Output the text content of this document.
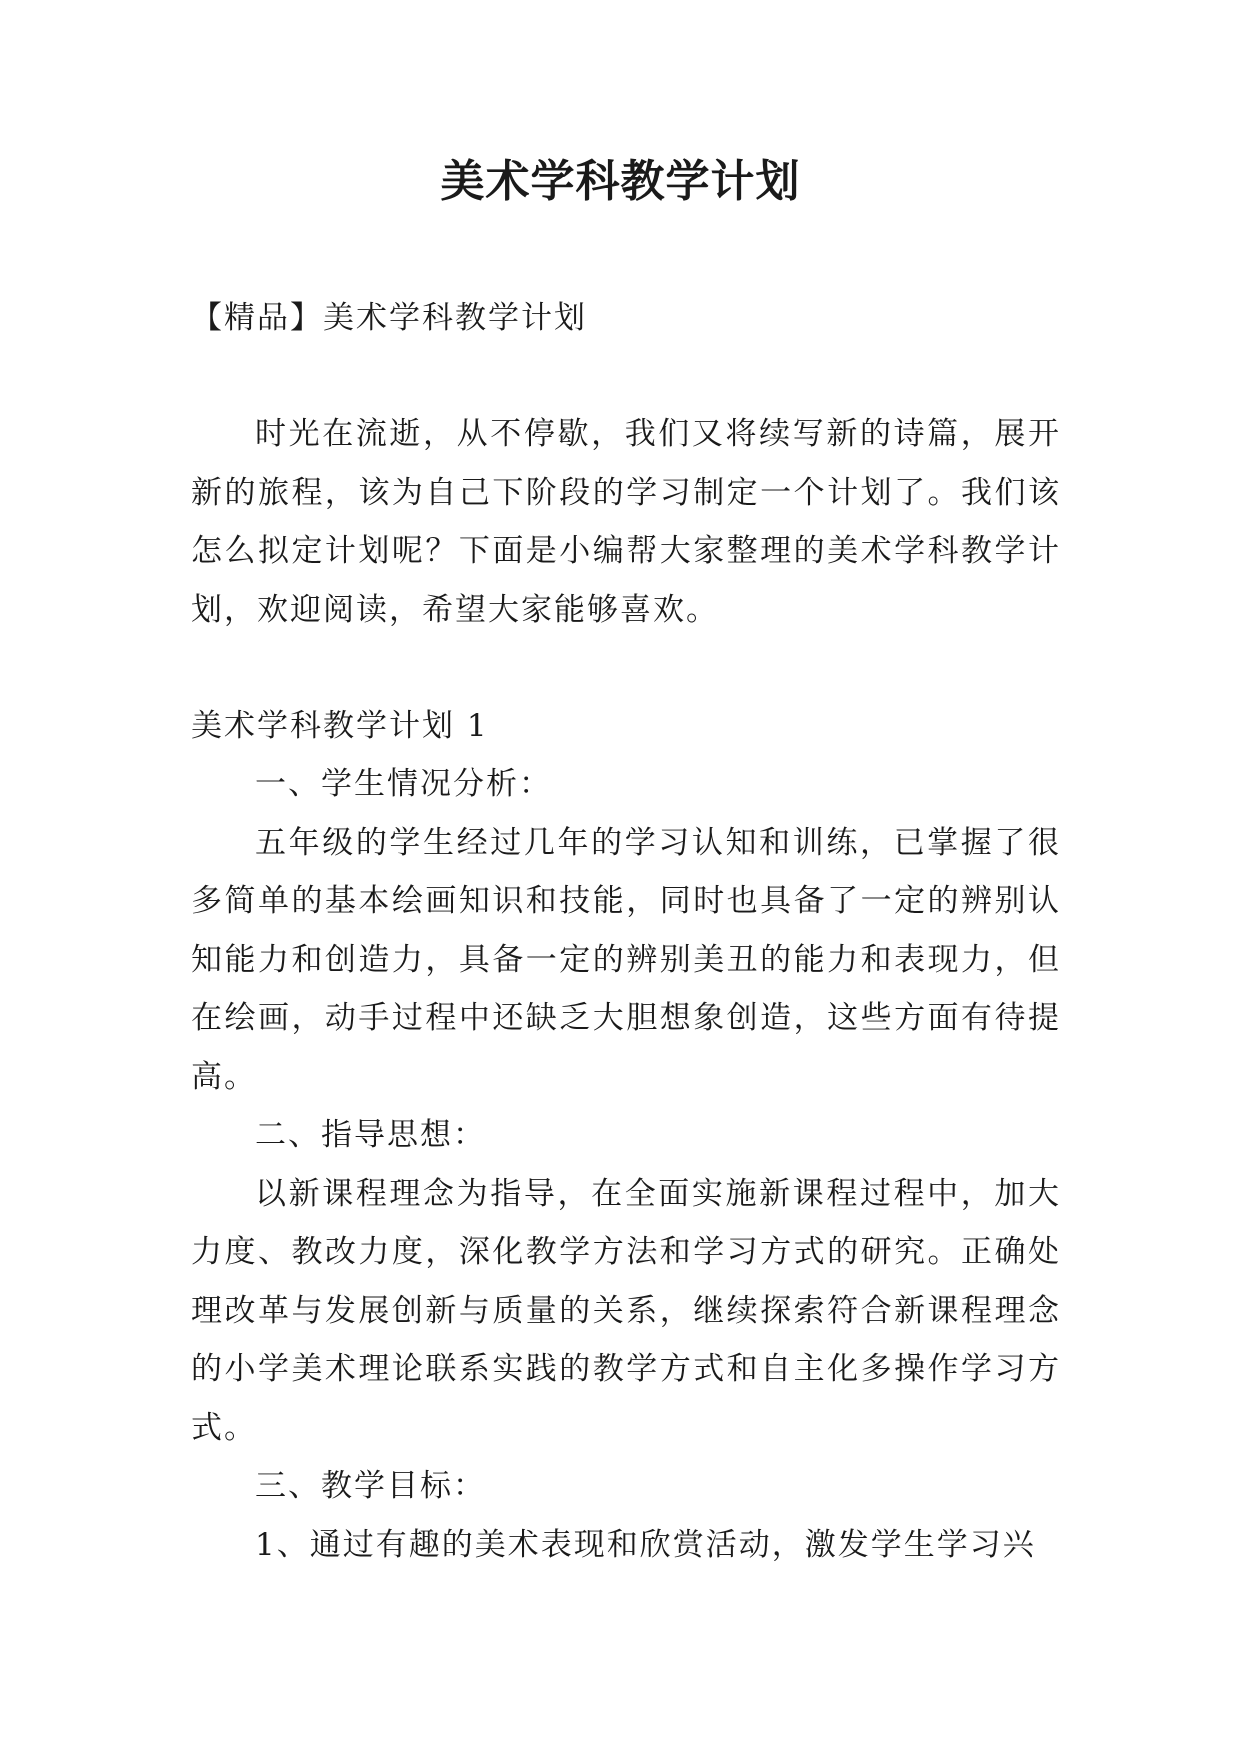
美术学科教学计划
【精品】美术学科教学计划
时光在流逝，从不停歇，我们又将续写新的诗篇，展开新的旅程，该为自己下阶段的学习制定一个计划了。我们该怎么拟定计划呢？下面是小编帮大家整理的美术学科教学计划，欢迎阅读，希望大家能够喜欢。
美术学科教学计划 1

一、学生情况分析：

五年级的学生经过几年的学习认知和训练，已掌握了很多简单的基本绘画知识和技能，同时也具备了一定的辨别认知能力和创造力，具备一定的辨别美丑的能力和表现力，但在绘画，动手过程中还缺乏大胆想象创造，这些方面有待提高。

二、指导思想：

以新课程理念为指导，在全面实施新课程过程中，加大力度、教改力度，深化教学方法和学习方式的研究。正确处理改革与发展创新与质量的关系，继续探索符合新课程理念的小学美术理论联系实践的教学方式和自主化多操作学习方式。

三、教学目标：

1、通过有趣的美术表现和欣赏活动，激发学生学习兴
